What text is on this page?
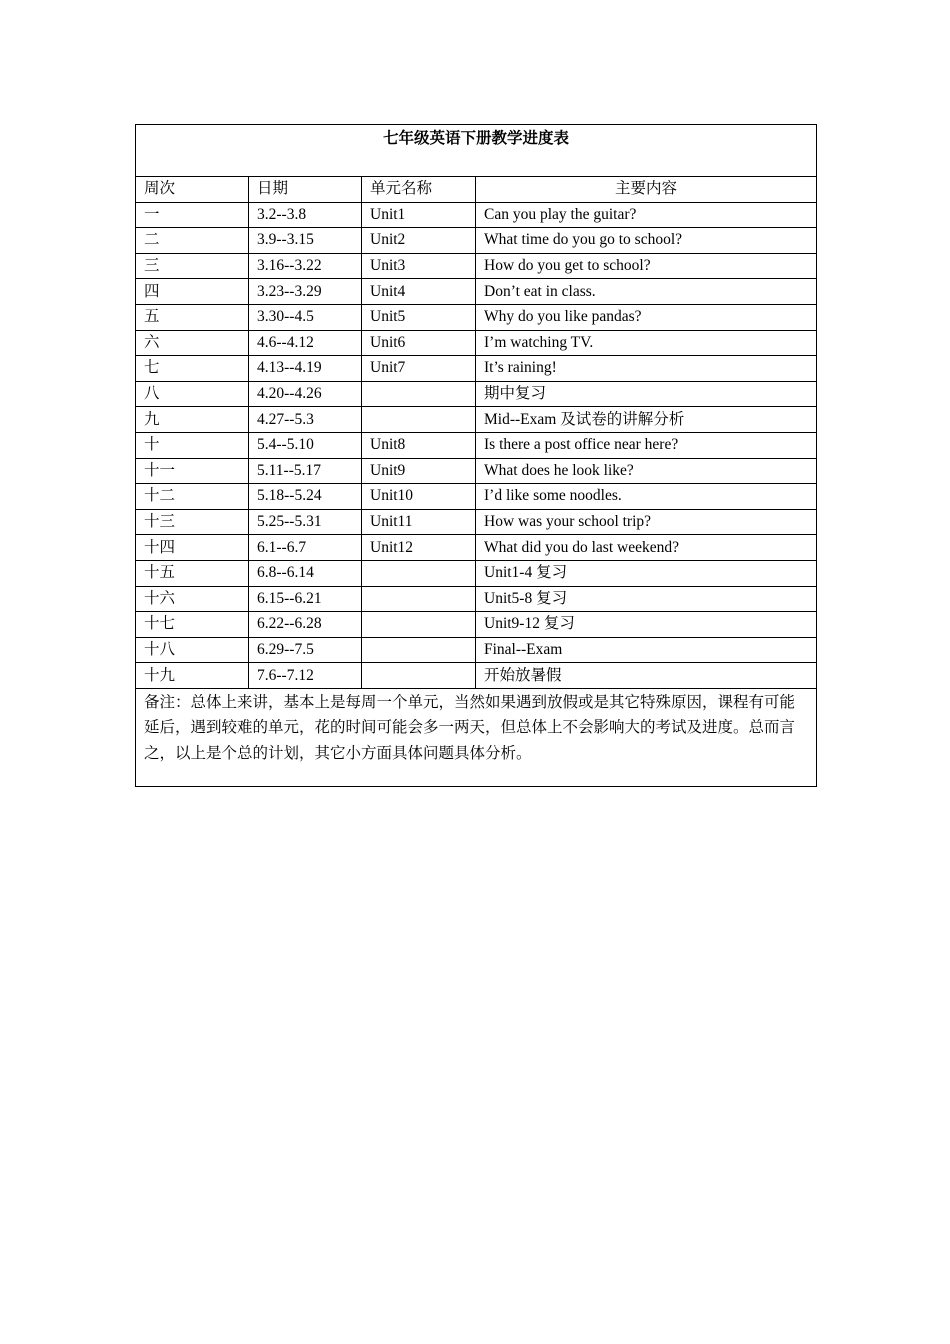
七年级英语下册教学进度表			
周次	日期	单元名称	主要内容
一	3.2--3.8	Unit1	Can you play the guitar?
二	3.9--3.15	Unit2	What time do you go to school?
三	3.16--3.22	Unit3	How do you get to school?
四	3.23--3.29	Unit4	Don’t eat in class.
五	3.30--4.5	Unit5	Why do you like pandas?
六	4.6--4.12	Unit6	I’m watching TV.
七	4.13--4.19	Unit7	It’s raining!
八	4.20--4.26		期中复习
九	4.27--5.3		Mid--Exam 及试卷的讲解分析
十	5.4--5.10	Unit8	Is there a post office near here?
十一	5.11--5.17	Unit9	What does he look like?
十二	5.18--5.24	Unit10	I’d like some noodles.
十三	5.25--5.31	Unit11	How was your school trip?
十四	6.1--6.7	Unit12	What did you do last weekend?
十五	6.8--6.14		Unit1-4 复习
十六	6.15--6.21		Unit5-8 复习
十七	6.22--6.28		Unit9-12 复习
十八	6.29--7.5		Final--Exam
十九	7.6--7.12		开始放暑假
备注：总体上来讲，基本上是每周一个单元，当然如果遇到放假或是其它特殊原因，课程有可能延后，遇到较难的单元，花的时间可能会多一两天，但总体上不会影响大的考试及进度。总而言之，以上是个总的计划，其它小方面具体问题具体分析。			
